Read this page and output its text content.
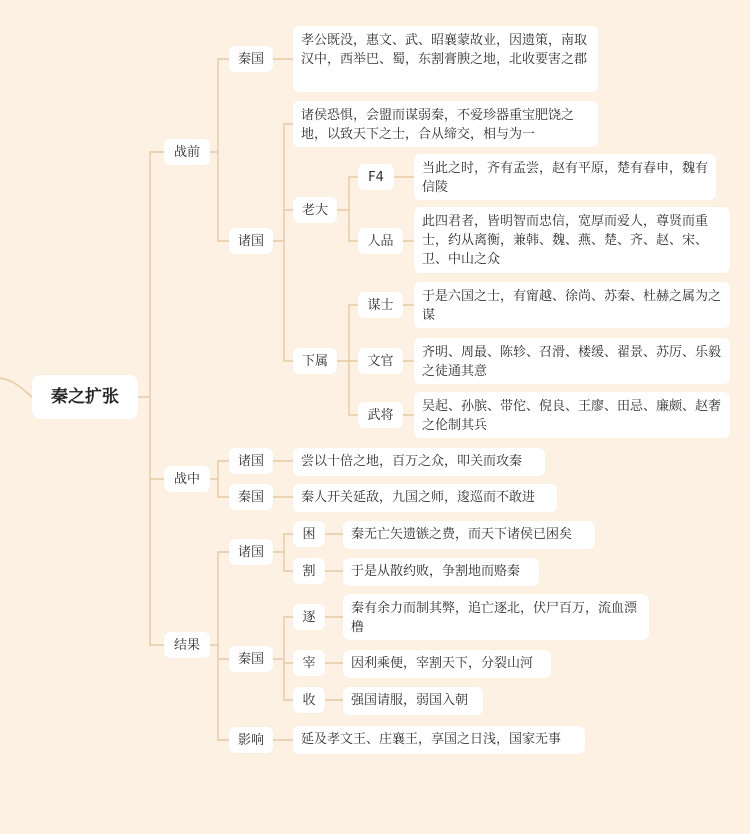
秦之扩张
战前
战中
结果
秦国
孝公既没，惠文、武、昭襄蒙故业，因遗策，南取汉中，西举巴、蜀，东割膏腴之地，北收要害之郡
诸国
诸侯恐惧，会盟而谋弱秦，不爱珍器重宝肥饶之地，以致天下之士，合从缔交，相与为一
老大
F4
当此之时，齐有孟尝，赵有平原，楚有春申，魏有信陵
人品
此四君者，皆明智而忠信，宽厚而爱人，尊贤而重士，约从离衡，兼韩、魏、燕、楚、齐、赵、宋、卫、中山之众
下属
谋士
于是六国之士，有甯越、徐尚、苏秦、杜赫之属为之谋
文官
齐明、周最、陈轸、召滑、楼缓、翟景、苏厉、乐毅之徒通其意
武将
吴起、孙膑、带佗、倪良、王廖、田忌、廉颇、赵奢之伦制其兵
诸国	尝以十倍之地，百万之众，叩关而攻秦
秦国	秦人开关延敌，九国之师，逡巡而不敢进
诸国
困	秦无亡矢遗镞之费，而天下诸侯已困矣
割	于是从散约败，争割地而赂秦
秦国
逐
秦有余力而制其弊，追亡逐北，伏尸百万，流血漂橹
宰	因利乘便，宰割天下，分裂山河
收	强国请服，弱国入朝
影响	延及孝文王、庄襄王，享国之日浅，国家无事
